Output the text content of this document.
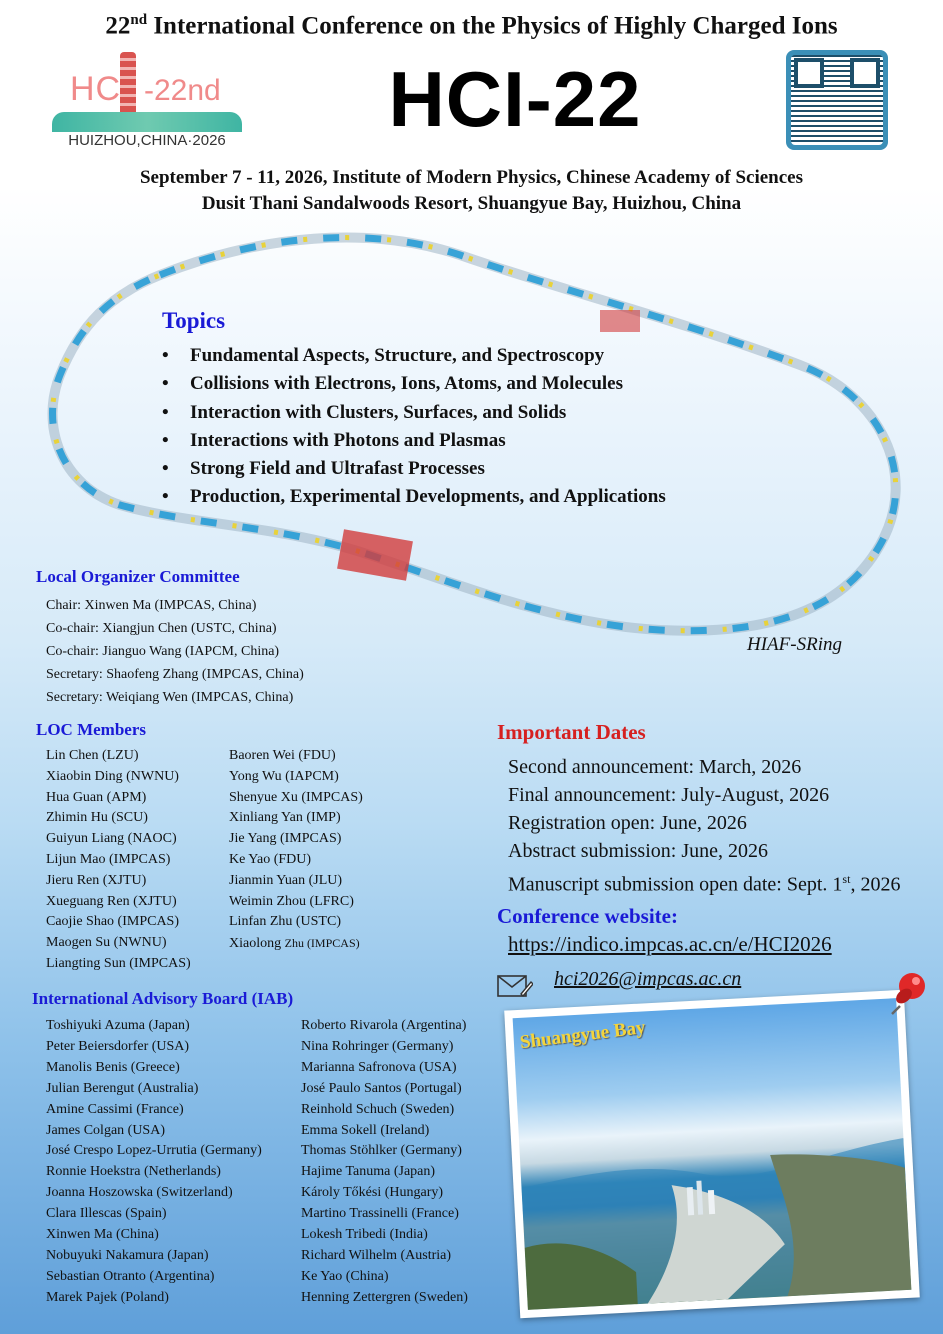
22nd International Conference on the Physics of Highly Charged Ions
HC -22nd
HUIZHOU,CHINA·2026	HCI-22
September 7 - 11, 2026, Institute of Modern Physics, Chinese Academy of Sciences
Dusit Thani Sandalwoods Resort, Shuangyue Bay, Huizhou, China
Topics
• Fundamental Aspects, Structure, and Spectroscopy
• Collisions with Electrons, Ions, Atoms, and Molecules
• Interaction with Clusters, Surfaces, and Solids
• Interactions with Photons and Plasmas
• Strong Field and Ultrafast Processes
• Production, Experimental Developments, and Applications
HIAF-SRing
Local Organizer Committee
Chair: Xinwen Ma (IMPCAS, China)
Co-chair: Xiangjun Chen (USTC, China)
Co-chair: Jianguo Wang (IAPCM, China)
Secretary: Shaofeng Zhang (IMPCAS, China)
Secretary: Weiqiang Wen (IMPCAS, China)
LOC Members
Lin Chen (LZU)
Xiaobin Ding (NWNU)
Hua Guan (APM)
Zhimin Hu (SCU)
Guiyun Liang (NAOC)
Lijun Mao (IMPCAS)
Jieru Ren (XJTU)
Xueguang Ren (XJTU)
Caojie Shao (IMPCAS)
Maogen Su (NWNU)
Liangting Sun (IMPCAS)
Baoren Wei (FDU)
Yong Wu (IAPCM)
Shenyue Xu (IMPCAS)
Xinliang Yan (IMP)
Jie Yang (IMPCAS)
Ke Yao (FDU)
Jianmin Yuan (JLU)
Weimin Zhou (LFRC)
Linfan Zhu (USTC)
Xiaolong Zhu (IMPCAS)
International Advisory Board (IAB)
Toshiyuki Azuma (Japan)
Peter Beiersdorfer (USA)
Manolis Benis (Greece)
Julian Berengut (Australia)
Amine Cassimi (France)
James Colgan (USA)
José Crespo Lopez-Urrutia (Germany)
Ronnie Hoekstra (Netherlands)
Joanna Hoszowska (Switzerland)
Clara Illescas (Spain)
Xinwen Ma (China)
Nobuyuki Nakamura (Japan)
Sebastian Otranto (Argentina)
Marek Pajek (Poland)
Roberto Rivarola (Argentina)
Nina Rohringer (Germany)
Marianna Safronova (USA)
José Paulo Santos (Portugal)
Reinhold Schuch (Sweden)
Emma Sokell (Ireland)
Thomas Stöhlker (Germany)
Hajime Tanuma (Japan)
Károly Tőkési (Hungary)
Martino Trassinelli (France)
Lokesh Tribedi (India)
Richard Wilhelm (Austria)
Ke Yao (China)
Henning Zettergren (Sweden)
Important Dates
Second announcement: March, 2026
Final announcement: July-August, 2026
Registration open: June, 2026
Abstract submission: June, 2026
Manuscript submission open date: Sept. 1st, 2026
Conference website:
https://indico.impcas.ac.cn/e/HCI2026
hci2026@impcas.ac.cn
Shuangyue Bay
